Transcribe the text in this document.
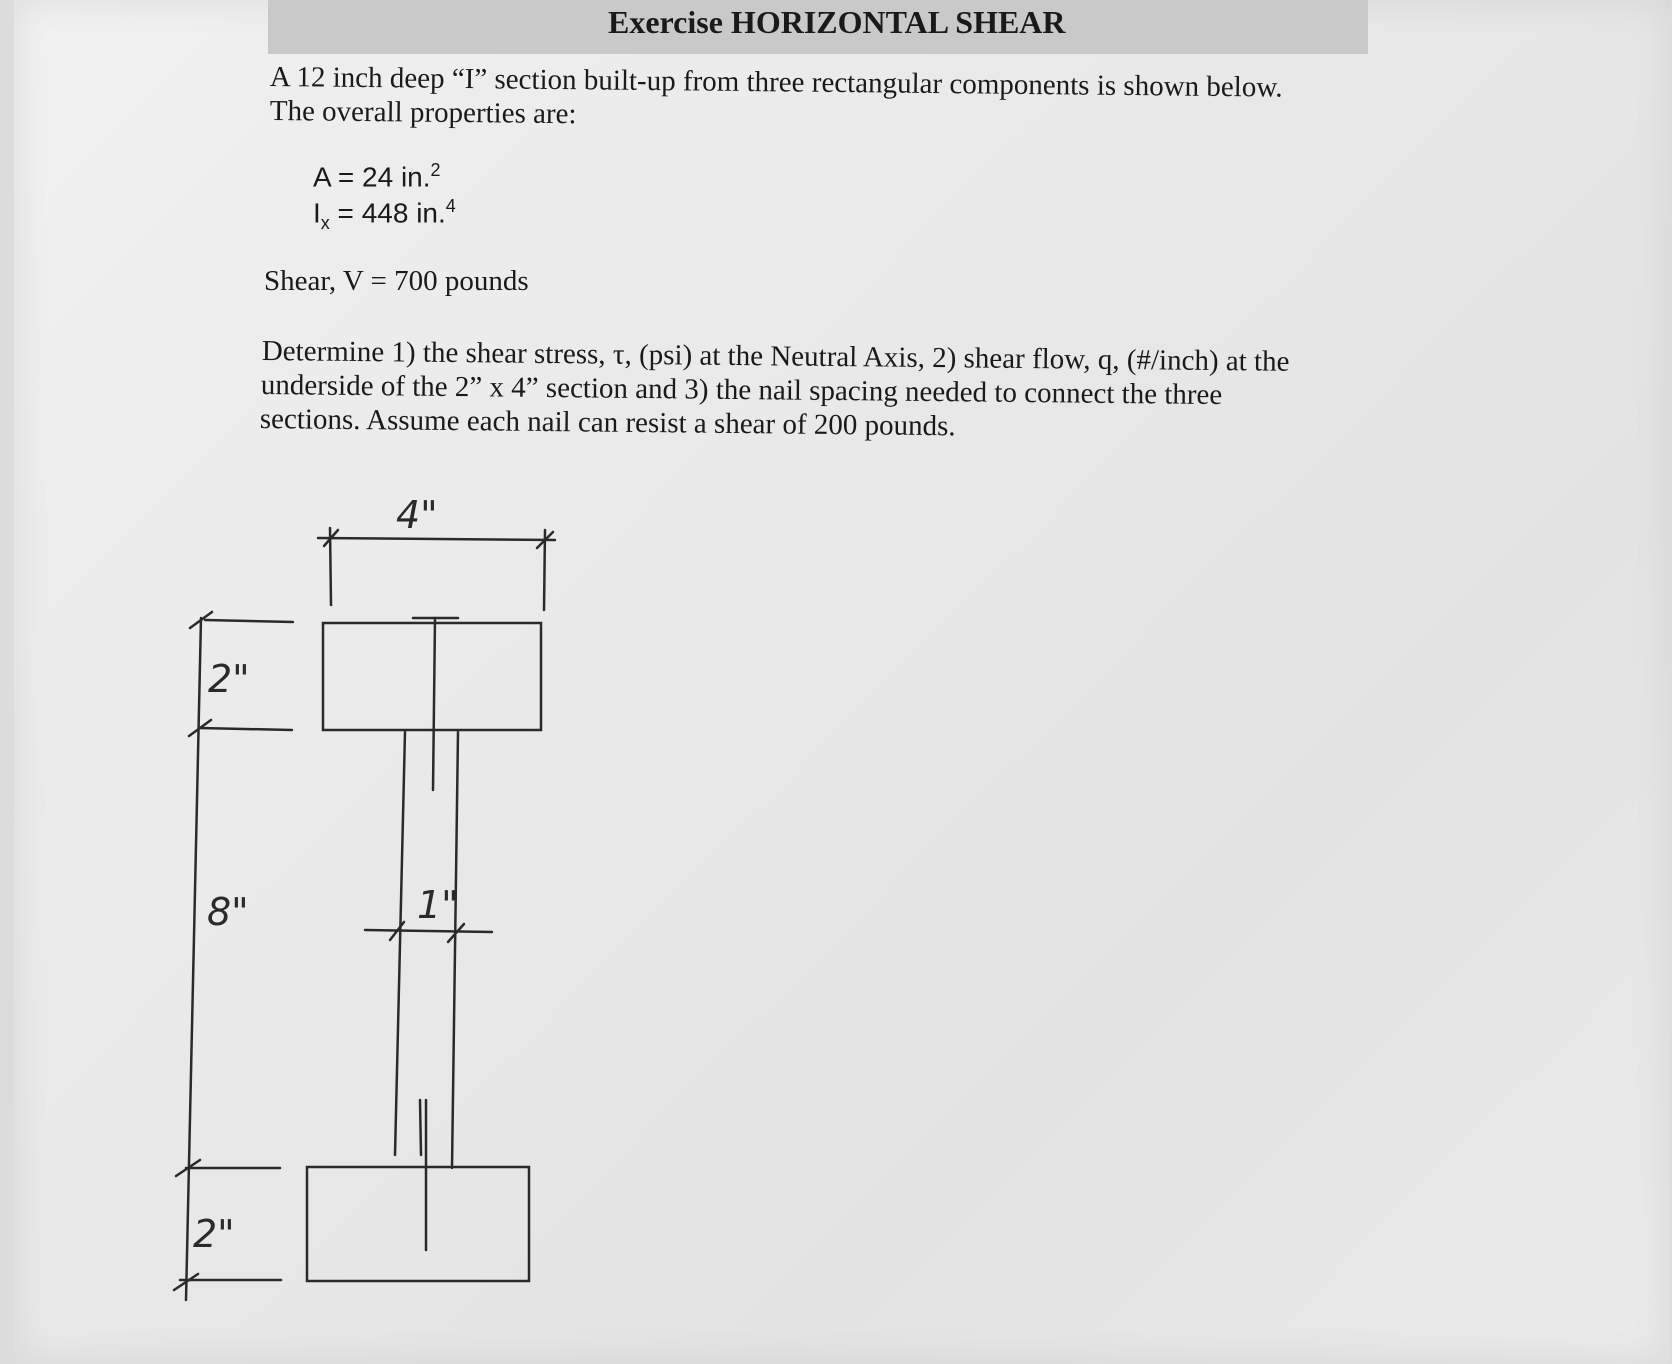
Exercise HORIZONTAL SHEAR
A 12 inch deep “I” section built-up from three rectangular components is shown below.
The overall properties are:
A = 24 in.$^2$
$I_x = 448$ in.$^4$
Shear, V = 700 pounds
Determine 1) the shear stress, τ, (psi) at the Neutral Axis, 2) shear flow, q, (#/inch) at the
underside of the 2” x 4” section and 3) the nail spacing needed to connect the three
sections. Assume each nail can resist a shear of 200 pounds.
4"
2"
8"
2"
1"
